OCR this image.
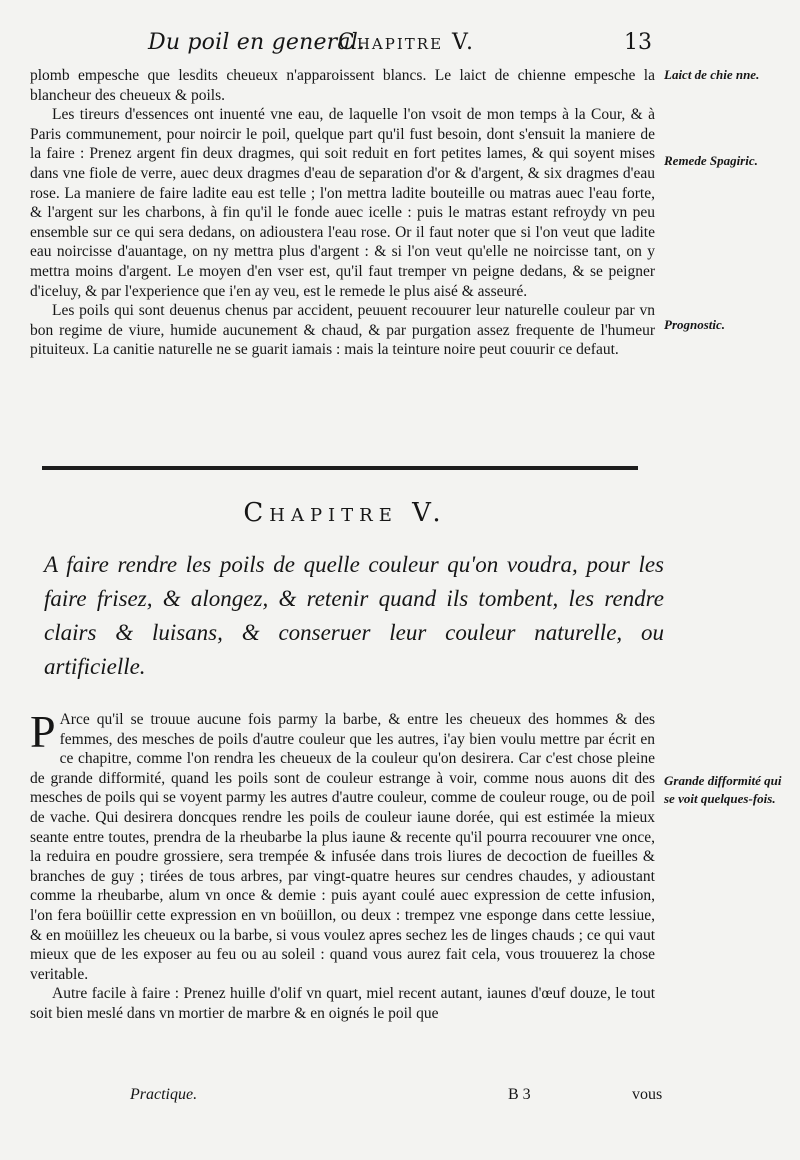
Du poil en general.
Chapitre V.	13

plomb empesche que lesdits cheueux n'apparoissent blancs. Le laict de chienne empesche la blancheur des cheueux & poils.

Les tireurs d'essences ont inuenté vne eau, de laquelle l'on vsoit de mon temps à la Cour, & à Paris communement, pour noircir le poil, quelque part qu'il fust besoin, dont s'ensuit la maniere de la faire : Prenez argent fin deux dragmes, qui soit reduit en fort petites lames, & qui soyent mises dans vne fiole de verre, auec deux dragmes d'eau de separation d'or & d'argent, & six dragmes d'eau rose. La maniere de faire ladite eau est telle ; l'on mettra ladite bouteille ou matras auec l'eau forte, & l'argent sur les charbons, à fin qu'il le fonde auec icelle : puis le matras estant refroydy vn peu ensemble sur ce qui sera dedans, on adioustera l'eau rose. Or il faut noter que si l'on veut que ladite eau noircisse d'auantage, on ny mettra plus d'argent : & si l'on veut qu'elle ne noircisse tant, on y mettra moins d'argent. Le moyen d'en vser est, qu'il faut tremper vn peigne dedans, & se peigner d'iceluy, & par l'experience que i'en ay veu, est le remede le plus aisé & asseuré.

Les poils qui sont deuenus chenus par accident, peuuent recouurer leur naturelle couleur par vn bon regime de viure, humide aucunement & chaud, & par purgation assez frequente de l'humeur pituiteux. La canitie naturelle ne se guarit iamais : mais la teinture noire peut couurir ce defaut.

Chapitre V.
A faire rendre les poils de quelle couleur qu'on voudra, pour les faire frisez, & alongez, & retenir quand ils tombent, les rendre clairs & luisans, & conseruer leur couleur naturelle, ou artificielle.

P Arce qu'il se trouue aucune fois parmy la barbe, & entre les cheueux des hommes & des femmes, des mesches de poils d'autre couleur que les autres, i'ay bien voulu mettre par écrit en ce chapitre, comme l'on rendra les cheueux de la couleur qu'on desirera. Car c'est chose pleine de grande difformité, quand les poils sont de couleur estrange à voir, comme nous auons dit des mesches de poils qui se voyent parmy les autres d'autre couleur, comme de couleur rouge, ou de poil de vache. Qui desirera doncques rendre les poils de couleur iaune dorée, qui est estimée la mieux seante entre toutes, prendra de la rheubarbe la plus iaune & recente qu'il pourra recouurer vne once, la reduira en poudre grossiere, sera trempée & infusée dans trois liures de decoction de fueilles & branches de guy ; tirées de tous arbres, par vingt-quatre heures sur cendres chaudes, y adioustant comme la rheubarbe, alum vn once & demie : puis ayant coulé auec expression de cette infusion, l'on fera boüillir cette expression en vn boüillon, ou deux : trempez vne esponge dans cette lessiue, & en moüillez les cheueux ou la barbe, si vous voulez apres sechez les de linges chauds ; ce qui vaut mieux que de les exposer au feu ou au soleil : quand vous aurez fait cela, vous trouuerez la chose veritable.

Autre facile à faire : Prenez huille d'olif vn quart, miel recent autant, iaunes d'œuf douze, le tout soit bien meslé dans vn mortier de marbre & en oignés le poil que

Laict de chie nne.
Remede Spagiric.
Prognostic.
Grande difformité qui se voit quelques-fois.
Practique.	B 3	vous
